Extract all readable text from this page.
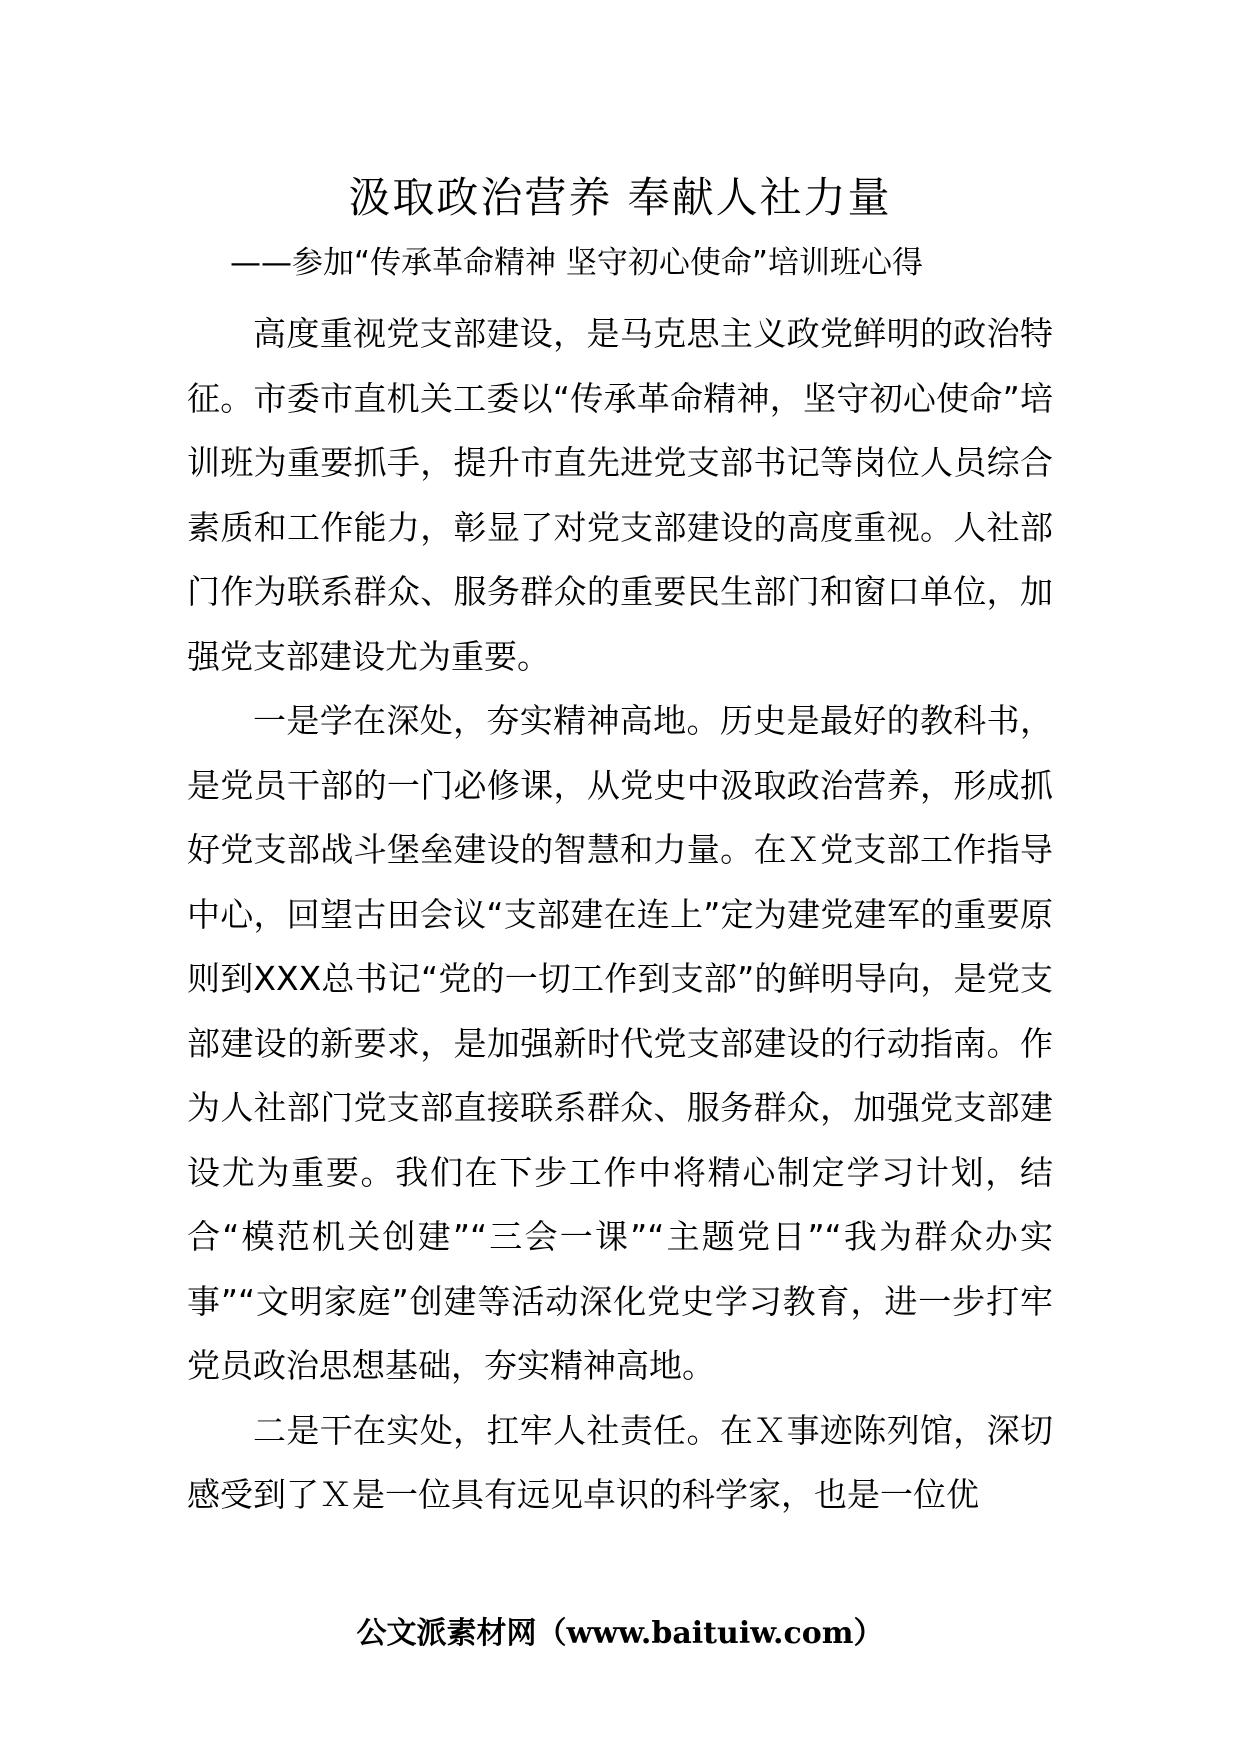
汲取政治营养 奉献人社力量
——参加“传承革命精神 坚守初心使命”培训班心得

高度重视党支部建设，是马克思主义政党鲜明的政治特征。市委市直机关工委以“传承革命精神，坚守初心使命”培训班为重要抓手，提升市直先进党支部书记等岗位人员综合素质和工作能力，彰显了对党支部建设的高度重视。人社部门作为联系群众、服务群众的重要民生部门和窗口单位，加强党支部建设尤为重要。

一是学在深处，夯实精神高地。历史是最好的教科书，是党员干部的一门必修课，从党史中汲取政治营养，形成抓好党支部战斗堡垒建设的智慧和力量。在Ｘ党支部工作指导中心，回望古田会议“支部建在连上”定为建党建军的重要原则到XXX总书记“党的一切工作到支部”的鲜明导向，是党支部建设的新要求，是加强新时代党支部建设的行动指南。作为人社部门党支部直接联系群众、服务群众，加强党支部建设尤为重要。我们在下步工作中将精心制定学习计划，结合“模范机关创建”“三会一课”“主题党日”“我为群众办实事”“文明家庭”创建等活动深化党史学习教育，进一步打牢党员政治思想基础，夯实精神高地。

二是干在实处，扛牢人社责任。在Ｘ事迹陈列馆，深切感受到了Ｘ是一位具有远见卓识的科学家，也是一位优

公文派素材网（www.baituiw.com）
